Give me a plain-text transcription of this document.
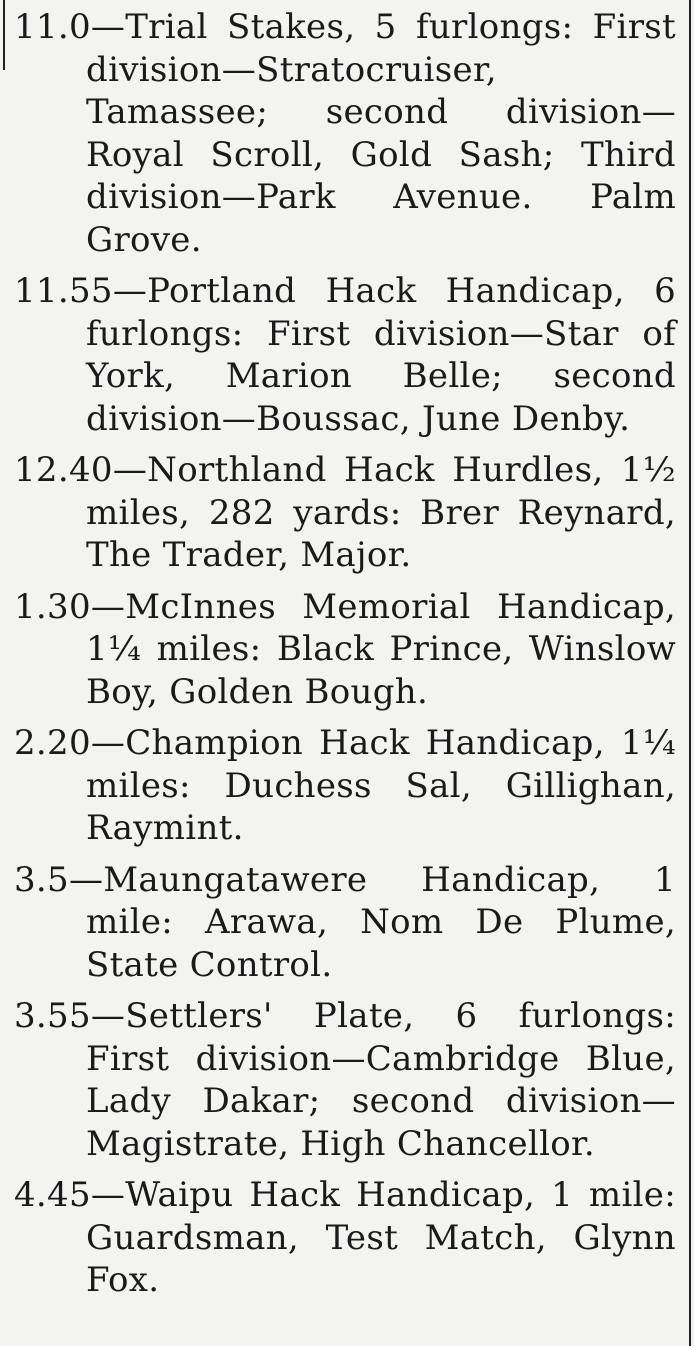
11.0—Trial Stakes, 5 furlongs: First division—Stratocruiser, Tamassee; second division—Royal Scroll, Gold Sash; Third division—Park Avenue. Palm Grove.

11.55—Portland Hack Handicap, 6 furlongs: First division—Star of York, Marion Belle; second division—Boussac, June Denby.

12.40—Northland Hack Hurdles, 1½ miles, 282 yards: Brer Reynard, The Trader, Major.

1.30—McInnes Memorial Handicap, 1¼ miles: Black Prince, Winslow Boy, Golden Bough.

2.20—Champion Hack Handicap, 1¼ miles: Duchess Sal, Gillighan, Raymint.

3.5—Maungatawere Handicap, 1 mile: Arawa, Nom De Plume, State Control.

3.55—Settlers' Plate, 6 furlongs: First division—Cambridge Blue, Lady Dakar; second division—Magistrate, High Chancellor.

4.45—Waipu Hack Handicap, 1 mile: Guardsman, Test Match, Glynn Fox.
